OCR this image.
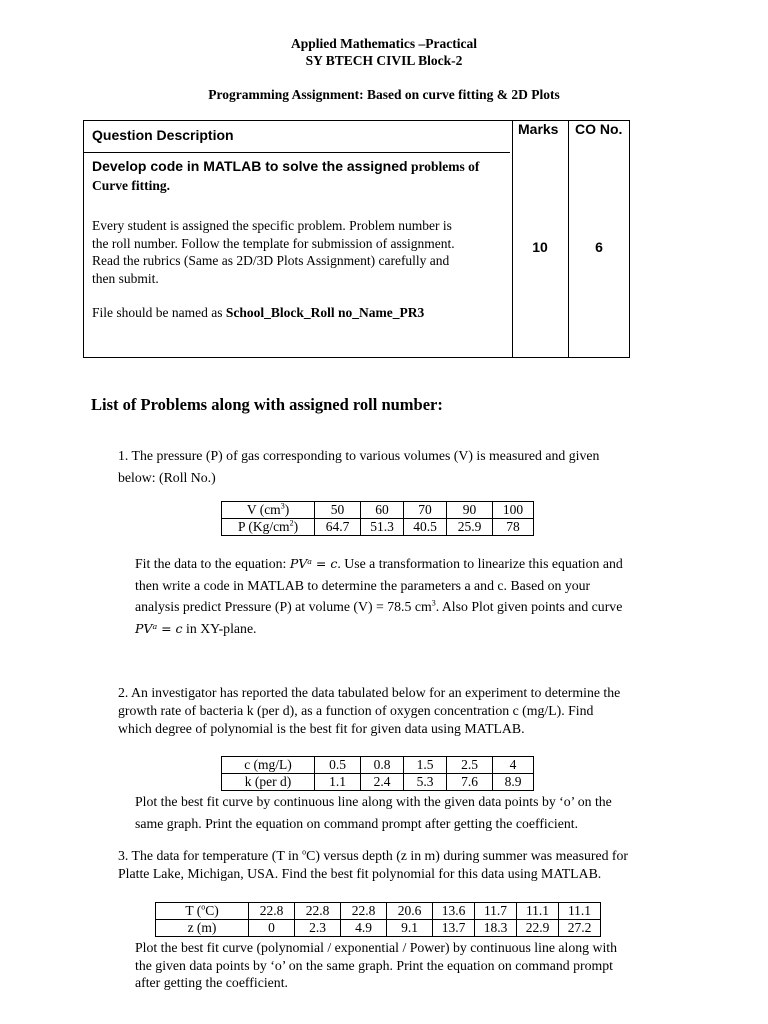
Applied Mathematics –Practical
SY BTECH CIVIL Block-2
Programming Assignment: Based on curve fitting & 2D Plots
Question Description	Marks CO No.
Develop code in MATLAB to solve the assigned problems of
Curve fitting.
Every student is assigned the specific problem. Problem number is
the roll number. Follow the template for submission of assignment.
Read the rubrics (Same as 2D/3D Plots Assignment) carefully and
then submit.
File should be named as School_Block_Roll no_Name_PR3
10	6
List of Problems along with assigned roll number:
1. The pressure (P) of gas corresponding to various volumes (V) is measured and given
below: (Roll No.)
V $(cm^3)$	50	60	70	90	100
P $(Kg/cm^2)$	64.7	51.3	40.5	25.9	78
Fit the data to the equation: PVᵃ = c. Use a transformation to linearize this equation and
then write a code in MATLAB to determine the parameters a and c. Based on your
analysis predict Pressure (P) at volume (V) = 78.5 $cm^3$. Also Plot given points and curve
PVᵃ = c in XY-plane.
2. An investigator has reported the data tabulated below for an experiment to determine the
growth rate of bacteria k (per d), as a function of oxygen concentration c (mg/L). Find
which degree of polynomial is the best fit for given data using MATLAB.
c (mg/L)	0.5	0.8	1.5	2.5	4
k (per d)	1.1	2.4	5.3	7.6	8.9
Plot the best fit curve by continuous line along with the given data points by ‘o’ on the
same graph. Print the equation on command prompt after getting the coefficient.
3. The data for temperature (T in $^o$C) versus depth (z in m) during summer was measured for
Platte Lake, Michigan, USA. Find the best fit polynomial for this data using MATLAB.
T ($^o$C)	22.8	22.8	22.8	20.6	13.6	11.7	11.1	11.1
z (m)	0	2.3	4.9	9.1	13.7	18.3	22.9	27.2
Plot the best fit curve (polynomial / exponential / Power) by continuous line along with
the given data points by ‘o’ on the same graph. Print the equation on command prompt
after getting the coefficient.
